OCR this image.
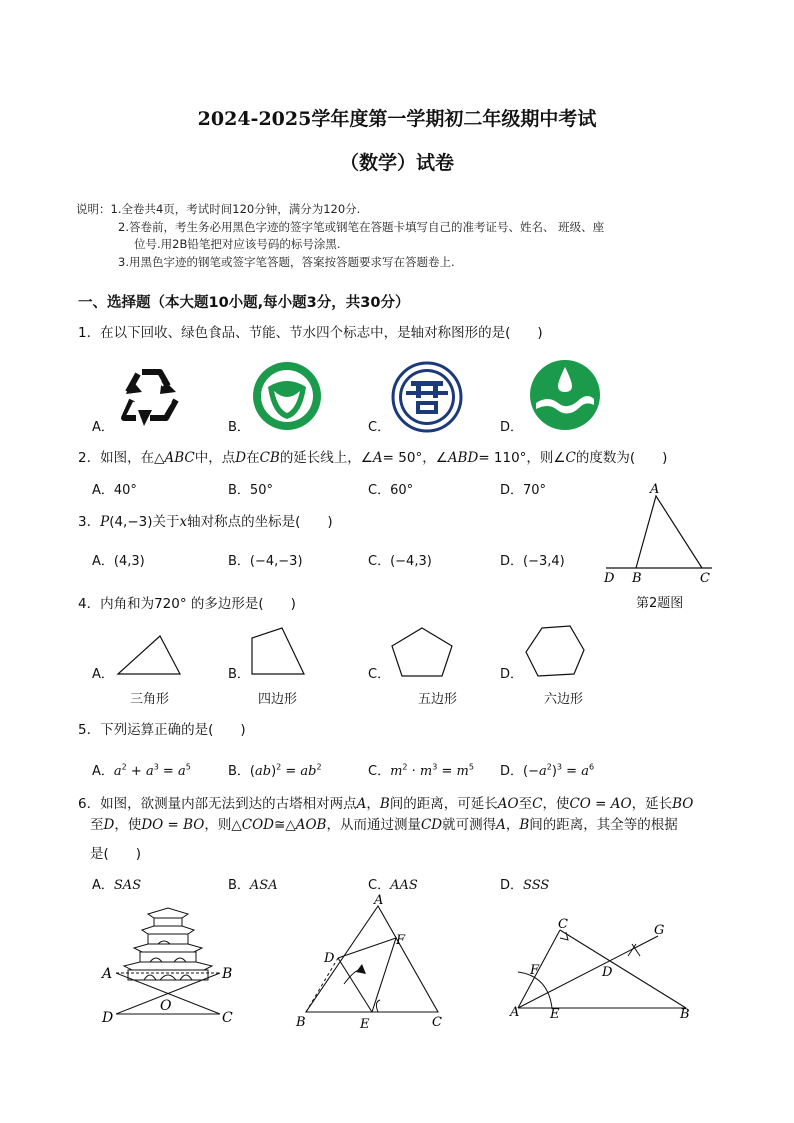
2024-2025学年度第一学期初二年级期中考试
（数学）试卷
说明：1.全卷共4页，考试时间120分钟，满分为120分.
2.答卷前，考生务必用黑色字迹的签字笔或钢笔在答题卡填写自己的准考证号、姓名、 班级、座
位号.用2B铅笔把对应该号码的标号涂黑.
3.用黑色字迹的钢笔或签字笔答题，答案按答题要求写在答题卷上.
一、选择题（本大题10小题,每小题3分，共30分）
1．在以下回收、绿色食品、节能、节水四个标志中，是轴对称图形的是(　　)
A．	B．	C．	D．
2．如图，在△ABC中，点D在CB的延长线上，∠A= 50°，∠ABD= 110°，则∠C的度数为(　　)
A．40°	B．50°	C．60°	D．70°	A
D B	C
第2题图
3．P(4,−3)关于x轴对称点的坐标是(　　)
A．(4,3)	B．(−4,−3)	C．(−4,3)	D．(−3,4)
4．内角和为720° 的多边形是(　　)
A．	B．	C．	D．
三角形	四边形	五边形	六边形
5．下列运算正确的是(　　)
A．$a^2 + a^3 = a^5$	B．$(ab)^2 = ab^2$	C．$m^2 \cdot m^3 = m^5$ D．$(-a^2)^3 = a^6$
6．如图，欲测量内部无法到达的古塔相对两点A，B间的距离，可延长AO至C，使CO = AO，延长BO
至D，使DO = BO，则△COD≅△AOB，从而通过测量CD就可测得A，B间的距离，其全等的根据
是(　　)
A．SAS	B．ASA	C．AAS	D．SSS
A	B
O
D	C
A
F
D
B	E	C
C	G
F	D
A E	B
